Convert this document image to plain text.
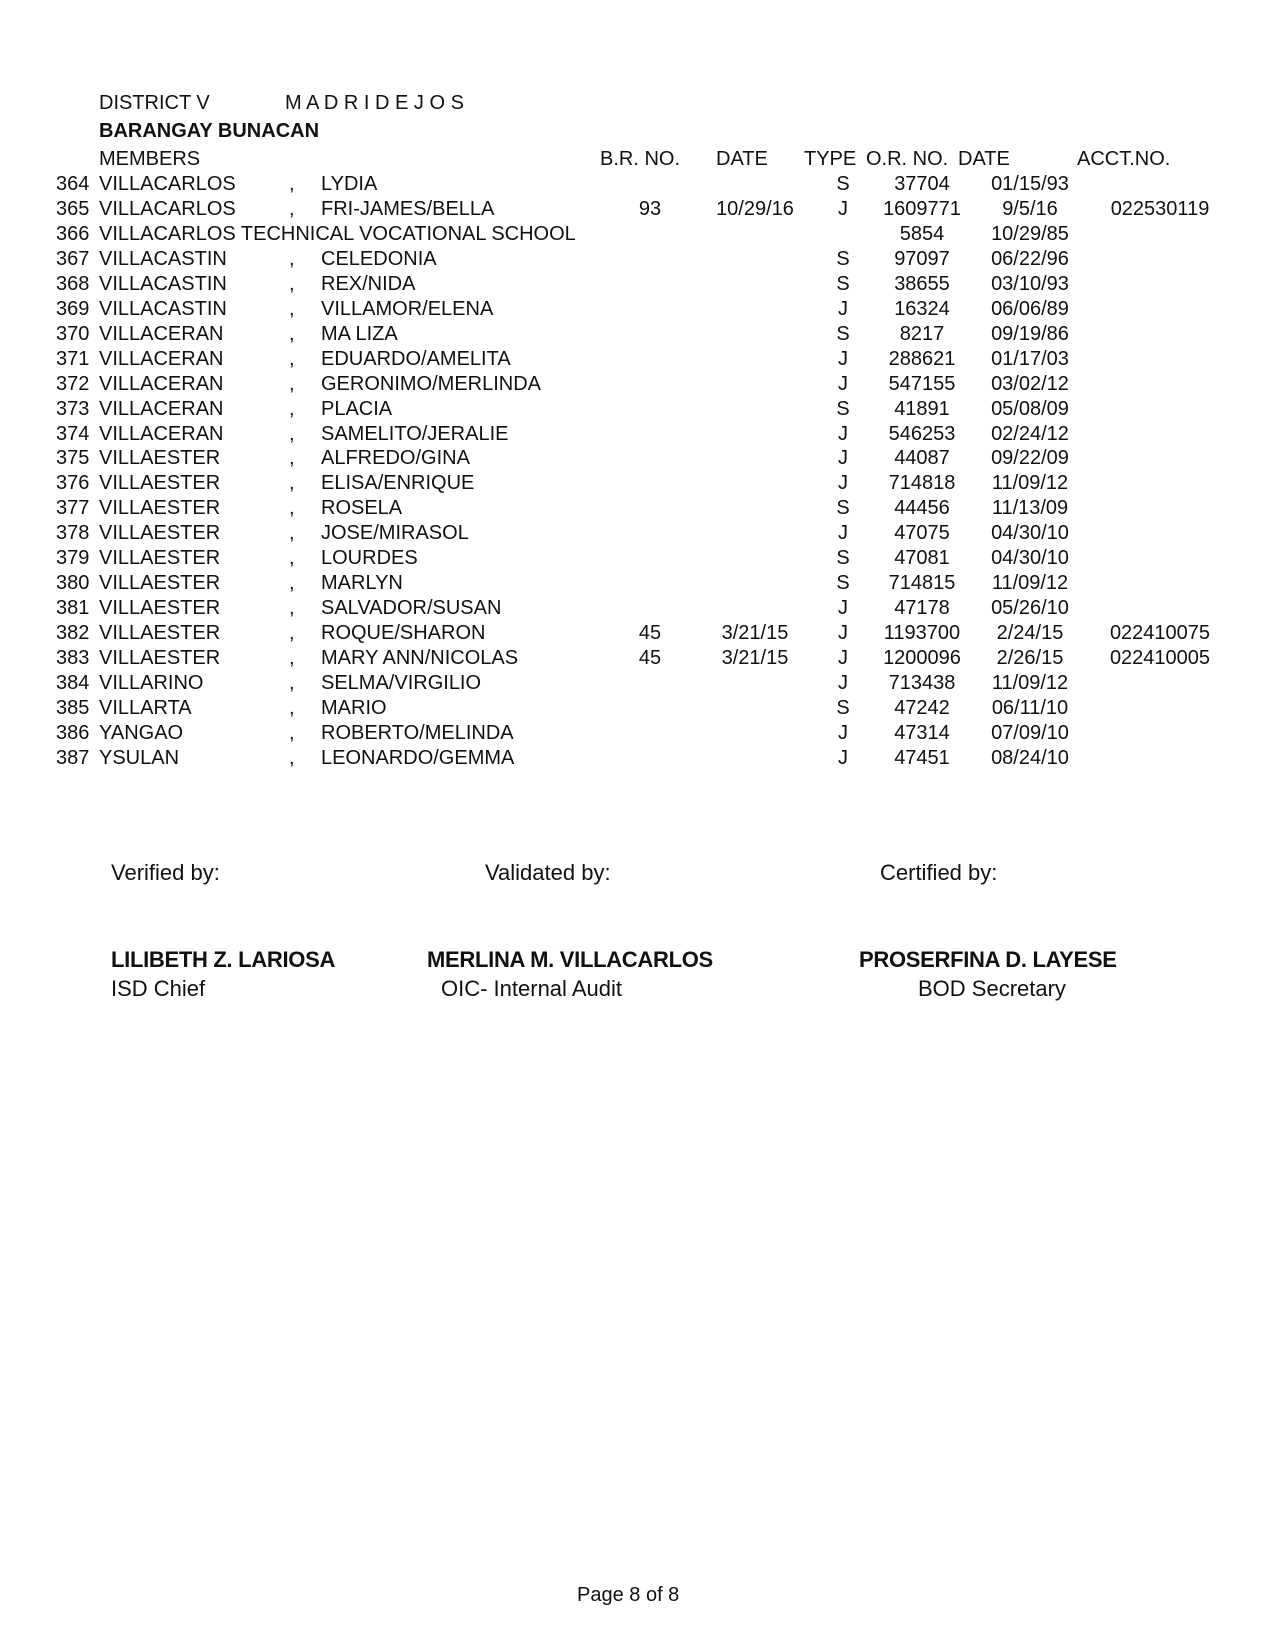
DISTRICT V	M A D R I D E J O S
BARANGAY BUNACAN
MEMBERS	B.R. NO. DATE TYPE O.R. NO. DATE	ACCT.NO.
364 VILLACARLOS	, LYDIA	S	37704	01/15/93
365 VILLACARLOS	, FRI-JAMES/BELLA	93	10/29/16	J	1609771	9/5/16	022530119
366 VILLACARLOS TECHNICAL VOCATIONAL SCHOOL	5854	10/29/85
367 VILLACASTIN	, CELEDONIA	S	97097	06/22/96
368 VILLACASTIN	, REX/NIDA	S	38655	03/10/93
369 VILLACASTIN	, VILLAMOR/ELENA	J	16324	06/06/89
370 VILLACERAN	, MA LIZA	S	8217	09/19/86
371 VILLACERAN	, EDUARDO/AMELITA	J	288621	01/17/03
372 VILLACERAN	, GERONIMO/MERLINDA	J	547155	03/02/12
373 VILLACERAN	, PLACIA	S	41891	05/08/09
374 VILLACERAN	, SAMELITO/JERALIE	J	546253	02/24/12
375 VILLAESTER	, ALFREDO/GINA	J	44087	09/22/09
376 VILLAESTER	, ELISA/ENRIQUE	J	714818	11/09/12
377 VILLAESTER	, ROSELA	S	44456	11/13/09
378 VILLAESTER	, JOSE/MIRASOL	J	47075	04/30/10
379 VILLAESTER	, LOURDES	S	47081	04/30/10
380 VILLAESTER	, MARLYN	S	714815	11/09/12
381 VILLAESTER	, SALVADOR/SUSAN	J	47178	05/26/10
382 VILLAESTER	, ROQUE/SHARON	45	3/21/15	J	1193700	2/24/15	022410075
383 VILLAESTER	, MARY ANN/NICOLAS	45	3/21/15	J	1200096	2/26/15	022410005
384 VILLARINO	, SELMA/VIRGILIO	J	713438	11/09/12
385 VILLARTA	, MARIO	S	47242	06/11/10
386 YANGAO	, ROBERTO/MELINDA	J	47314	07/09/10
387 YSULAN	, LEONARDO/GEMMA	J	47451	08/24/10
Verified by:
LILIBETH Z. LARIOSA
ISD Chief
Validated by:
MERLINA M. VILLACARLOS
OIC- Internal Audit
Certified by:
PROSERFINA D. LAYESE
BOD Secretary
Page 8 of 8
